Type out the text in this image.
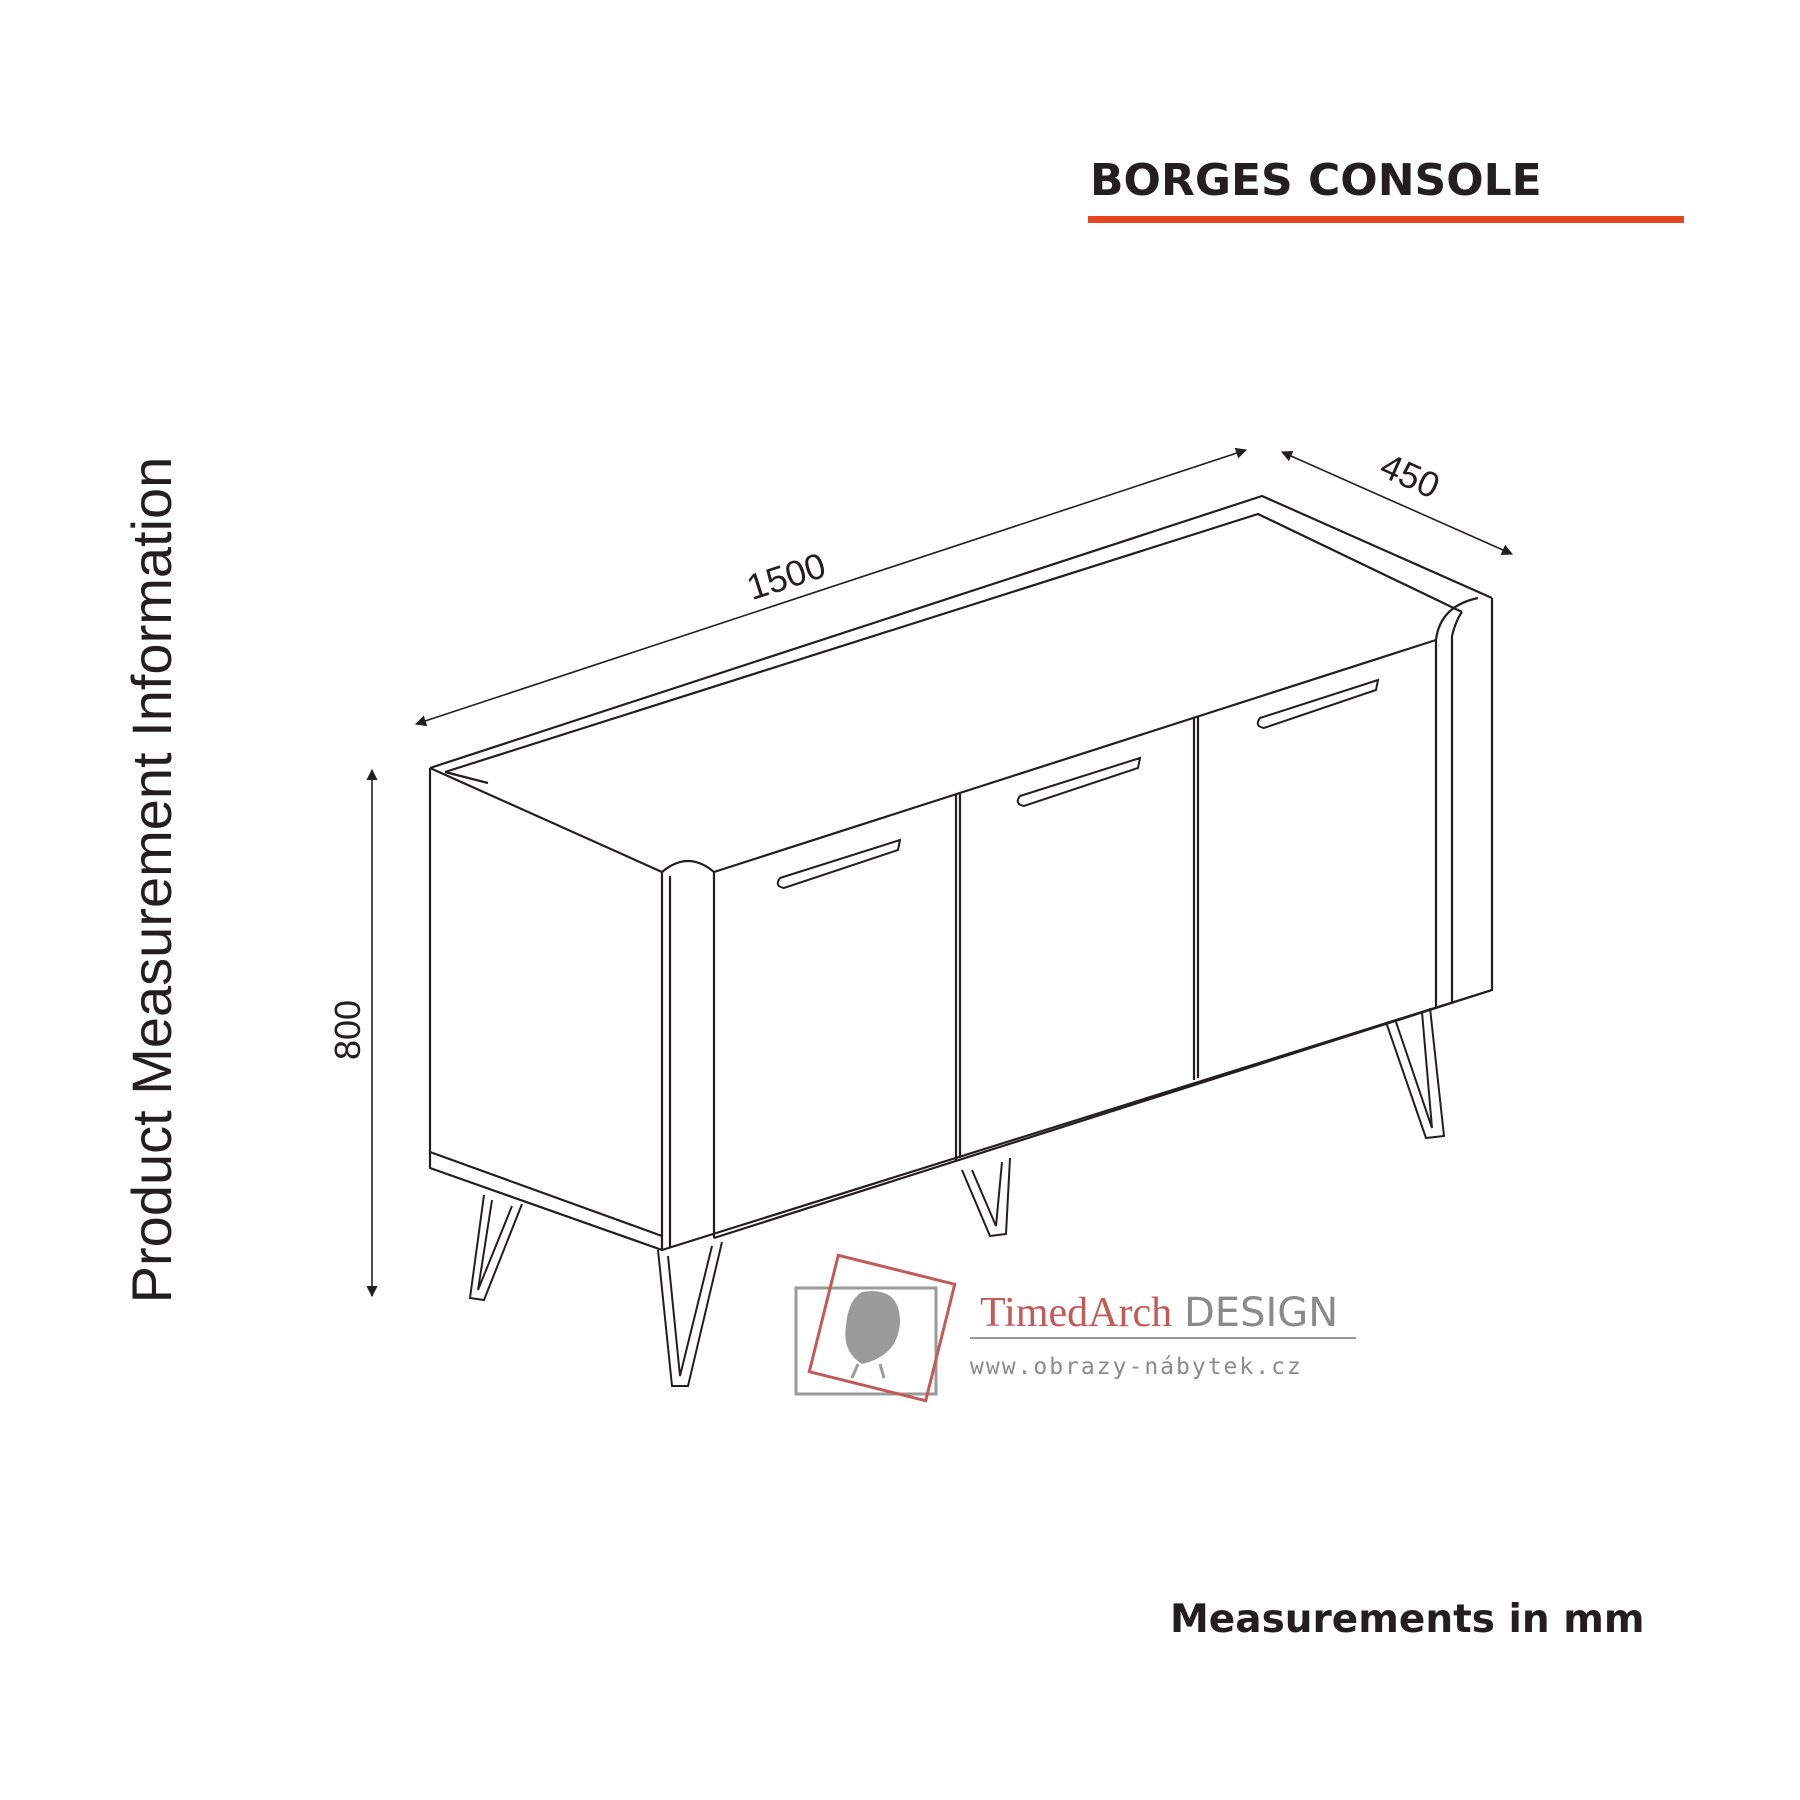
BORGES CONSOLE
Product Measurement Information	1500
450
800
TimedArch DESIGN
www.obrazy-nábytek.cz
Measurements in mm
